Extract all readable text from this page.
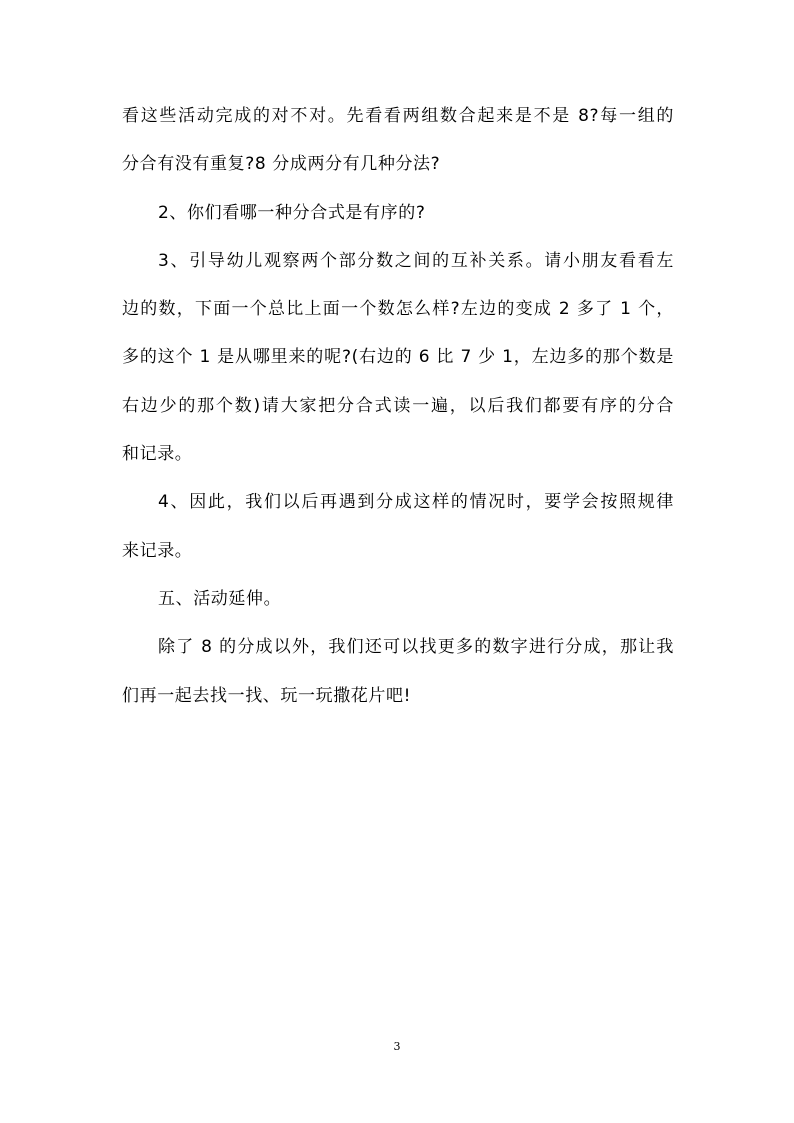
看这些活动完成的对不对。先看看两组数合起来是不是 8?每一组的
分合有没有重复?8 分成两分有几种分法?
2、你们看哪一种分合式是有序的?
3、引导幼儿观察两个部分数之间的互补关系。请小朋友看看左
边的数，下面一个总比上面一个数怎么样?左边的变成 2 多了 1 个，
多的这个 1 是从哪里来的呢?(右边的 6 比 7 少 1，左边多的那个数是
右边少的那个数)请大家把分合式读一遍，以后我们都要有序的分合
和记录。
4、因此，我们以后再遇到分成这样的情况时，要学会按照规律
来记录。
五、活动延伸。
除了 8 的分成以外，我们还可以找更多的数字进行分成，那让我
们再一起去找一找、玩一玩撒花片吧!
3
